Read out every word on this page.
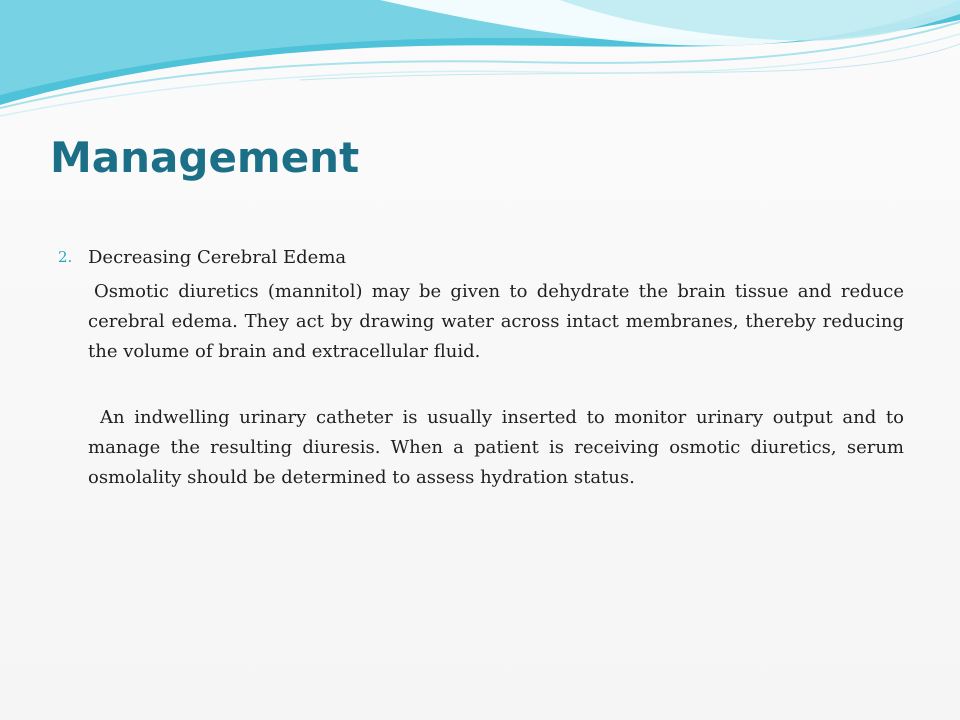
Management
2. Decreasing Cerebral Edema

Osmotic diuretics (mannitol) may be given to dehydrate the brain tissue and reduce cerebral edema. They act by drawing water across intact membranes, thereby reducing the volume of brain and extracellular fluid.

An indwelling urinary catheter is usually inserted to monitor urinary output and to manage the resulting diuresis. When a patient is receiving osmotic diuretics, serum osmolality should be determined to assess hydration status.
